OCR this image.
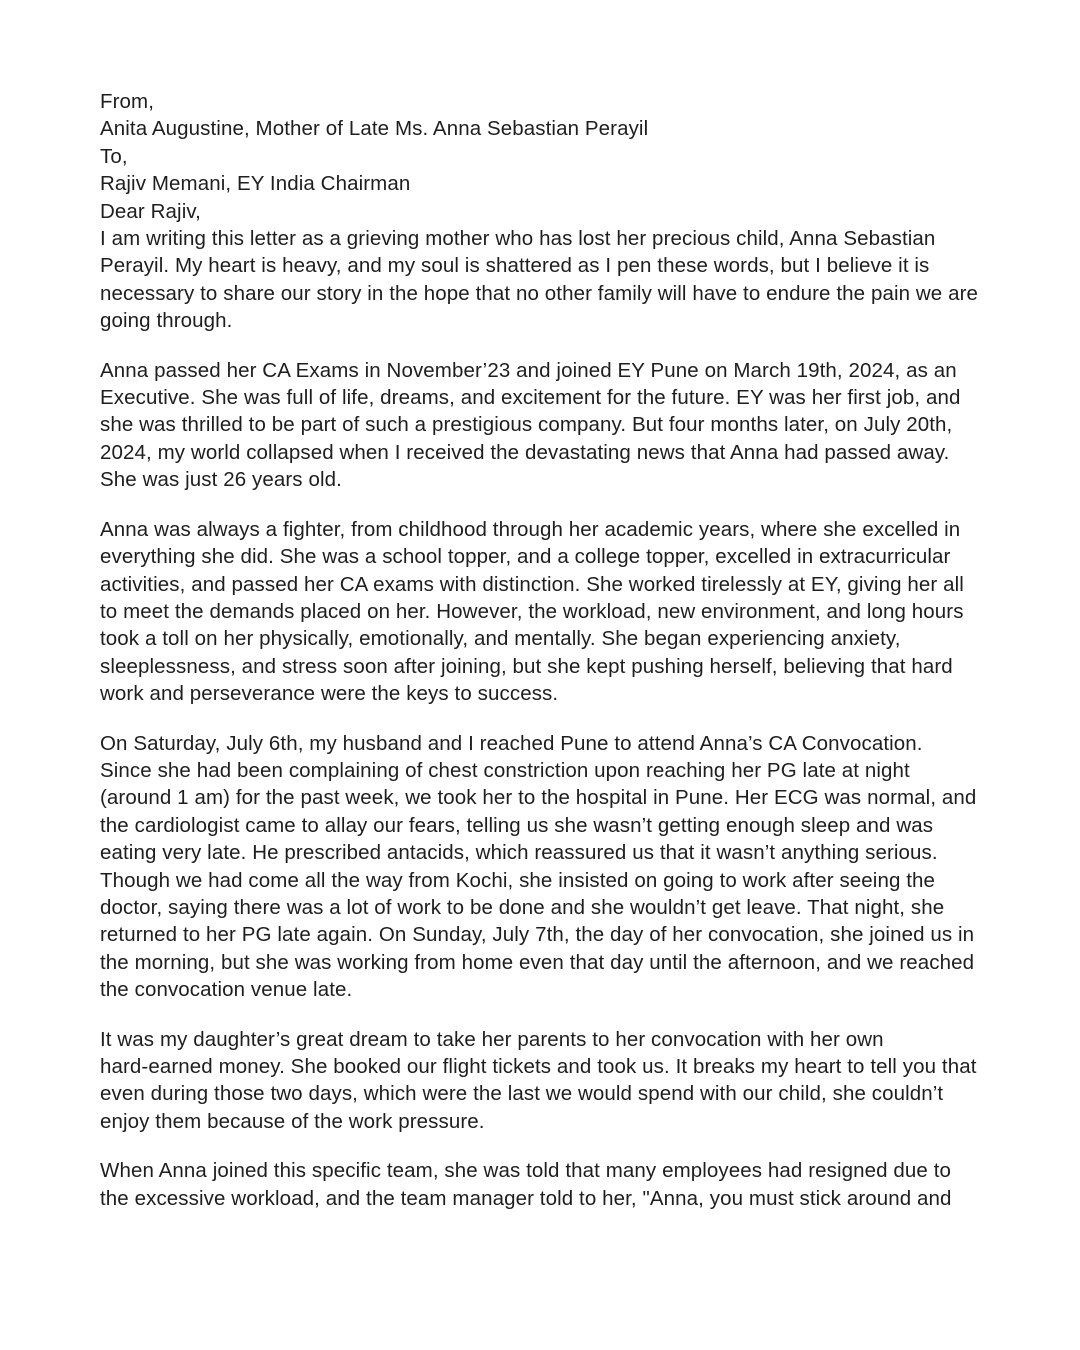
From,
Anita Augustine, Mother of Late Ms. Anna Sebastian Perayil
To,
Rajiv Memani, EY India Chairman
Dear Rajiv,

I am writing this letter as a grieving mother who has lost her precious child, Anna Sebastian
Perayil. My heart is heavy, and my soul is shattered as I pen these words, but I believe it is
necessary to share our story in the hope that no other family will have to endure the pain we are
going through.

Anna passed her CA Exams in November’23 and joined EY Pune on March 19th, 2024, as an
Executive. She was full of life, dreams, and excitement for the future. EY was her first job, and
she was thrilled to be part of such a prestigious company. But four months later, on July 20th,
2024, my world collapsed when I received the devastating news that Anna had passed away.
She was just 26 years old.

Anna was always a fighter, from childhood through her academic years, where she excelled in
everything she did. She was a school topper, and a college topper, excelled in extracurricular
activities, and passed her CA exams with distinction. She worked tirelessly at EY, giving her all
to meet the demands placed on her. However, the workload, new environment, and long hours
took a toll on her physically, emotionally, and mentally. She began experiencing anxiety,
sleeplessness, and stress soon after joining, but she kept pushing herself, believing that hard
work and perseverance were the keys to success.

On Saturday, July 6th, my husband and I reached Pune to attend Anna’s CA Convocation.
Since she had been complaining of chest constriction upon reaching her PG late at night
(around 1 am) for the past week, we took her to the hospital in Pune. Her ECG was normal, and
the cardiologist came to allay our fears, telling us she wasn’t getting enough sleep and was
eating very late. He prescribed antacids, which reassured us that it wasn’t anything serious.
Though we had come all the way from Kochi, she insisted on going to work after seeing the
doctor, saying there was a lot of work to be done and she wouldn’t get leave. That night, she
returned to her PG late again. On Sunday, July 7th, the day of her convocation, she joined us in
the morning, but she was working from home even that day until the afternoon, and we reached
the convocation venue late.

It was my daughter’s great dream to take her parents to her convocation with her own
hard-earned money. She booked our flight tickets and took us. It breaks my heart to tell you that
even during those two days, which were the last we would spend with our child, she couldn’t
enjoy them because of the work pressure.

When Anna joined this specific team, she was told that many employees had resigned due to
the excessive workload, and the team manager told to her, "Anna, you must stick around and
